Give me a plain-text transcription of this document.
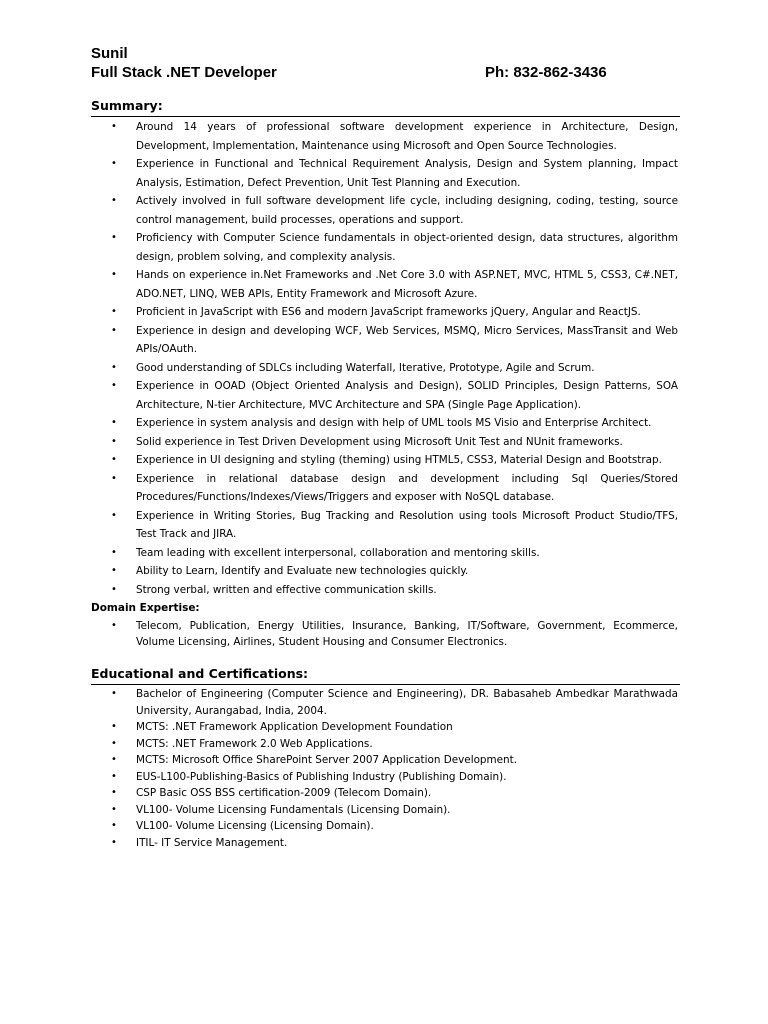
Sunil
Full Stack .NET Developer	Ph: 832-862-3436
Summary:
• Around 14 years of professional software development experience in Architecture, Design, Development, Implementation, Maintenance using Microsoft and Open Source Technologies.
• Experience in Functional and Technical Requirement Analysis, Design and System planning, Impact Analysis, Estimation, Defect Prevention, Unit Test Planning and Execution.
• Actively involved in full software development life cycle, including designing, coding, testing, source control management, build processes, operations and support.
• Proficiency with Computer Science fundamentals in object-oriented design, data structures, algorithm design, problem solving, and complexity analysis.
• Hands on experience in.Net Frameworks and .Net Core 3.0 with ASP.NET, MVC, HTML 5, CSS3, C#.NET, ADO.NET, LINQ, WEB APIs, Entity Framework and Microsoft Azure.
• Proficient in JavaScript with ES6 and modern JavaScript frameworks jQuery, Angular and ReactJS.
• Experience in design and developing WCF, Web Services, MSMQ, Micro Services, MassTransit and Web APIs/OAuth.
• Good understanding of SDLCs including Waterfall, Iterative, Prototype, Agile and Scrum.
• Experience in OOAD (Object Oriented Analysis and Design), SOLID Principles, Design Patterns, SOA Architecture, N-tier Architecture, MVC Architecture and SPA (Single Page Application).
• Experience in system analysis and design with help of UML tools MS Visio and Enterprise Architect.
• Solid experience in Test Driven Development using Microsoft Unit Test and NUnit frameworks.
• Experience in UI designing and styling (theming) using HTML5, CSS3, Material Design and Bootstrap.
• Experience in relational database design and development including Sql Queries/Stored Procedures/Functions/Indexes/Views/Triggers and exposer with NoSQL database.
• Experience in Writing Stories, Bug Tracking and Resolution using tools Microsoft Product Studio/TFS, Test Track and JIRA.
• Team leading with excellent interpersonal, collaboration and mentoring skills.
• Ability to Learn, Identify and Evaluate new technologies quickly.
• Strong verbal, written and effective communication skills.
Domain Expertise:
• Telecom, Publication, Energy Utilities, Insurance, Banking, IT/Software, Government, Ecommerce, Volume Licensing, Airlines, Student Housing and Consumer Electronics.
Educational and Certifications:
• Bachelor of Engineering (Computer Science and Engineering), DR. Babasaheb Ambedkar Marathwada University, Aurangabad, India, 2004.
• MCTS: .NET Framework Application Development Foundation
• MCTS: .NET Framework 2.0 Web Applications.
• MCTS: Microsoft Office SharePoint Server 2007 Application Development.
• EUS-L100-Publishing-Basics of Publishing Industry (Publishing Domain).
• CSP Basic OSS BSS certification-2009 (Telecom Domain).
• VL100- Volume Licensing Fundamentals (Licensing Domain).
• VL100- Volume Licensing (Licensing Domain).
• ITIL- IT Service Management.
